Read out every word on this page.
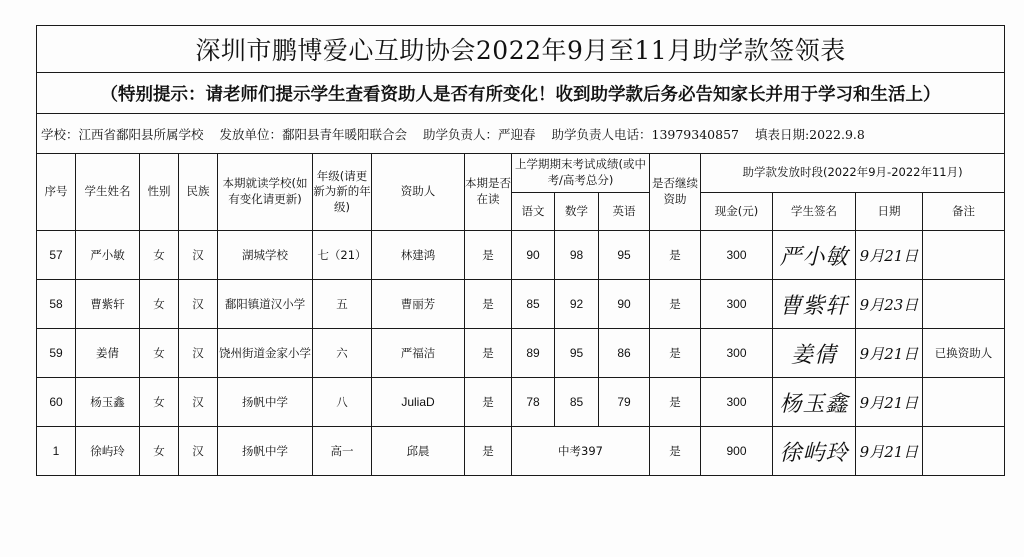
深圳市鹏博爱心互助协会2022年9月至11月助学款签领表															
（特别提示：请老师们提示学生查看资助人是否有所变化！收到助学款后务必告知家长并用于学习和生活上）															
学校：江西省鄱阳县所属学校 发放单位：鄱阳县青年暖阳联合会 助学负责人：严迎春 助学负责人电话：13979340857 填表日期:2022.9.8															
序号	学生姓名	性别	民族	本期就读学校(如有变化请更新)	年级(请更新为新的年级)	资助人	本期是否在读	上学期期末考试成绩(或中考/高考总分)			是否继续资助	助学款发放时段(2022年9月-2022年11月)			
								语文	数学	英语		现金(元)	学生签名	日期	备注
57	严小敏	女	汉	湖城学校	七（21）	林建鸿	是	90	98	95	是	300	严小敏	9月21日	
58	曹紫轩	女	汉	鄱阳镇道汉小学	五	曹丽芳	是	85	92	90	是	300	曹紫轩	9月23日	
59	姜倩	女	汉	饶州街道金家小学	六	严福洁	是	89	95	86	是	300	姜倩	9月21日	已换资助人
60	杨玉鑫	女	汉	扬帆中学	八	JuliaD	是	78	85	79	是	300	杨玉鑫	9月21日	
1	徐屿玲	女	汉	扬帆中学	高一	邱晨	是	中考397			是	900	徐屿玲	9月21日	
